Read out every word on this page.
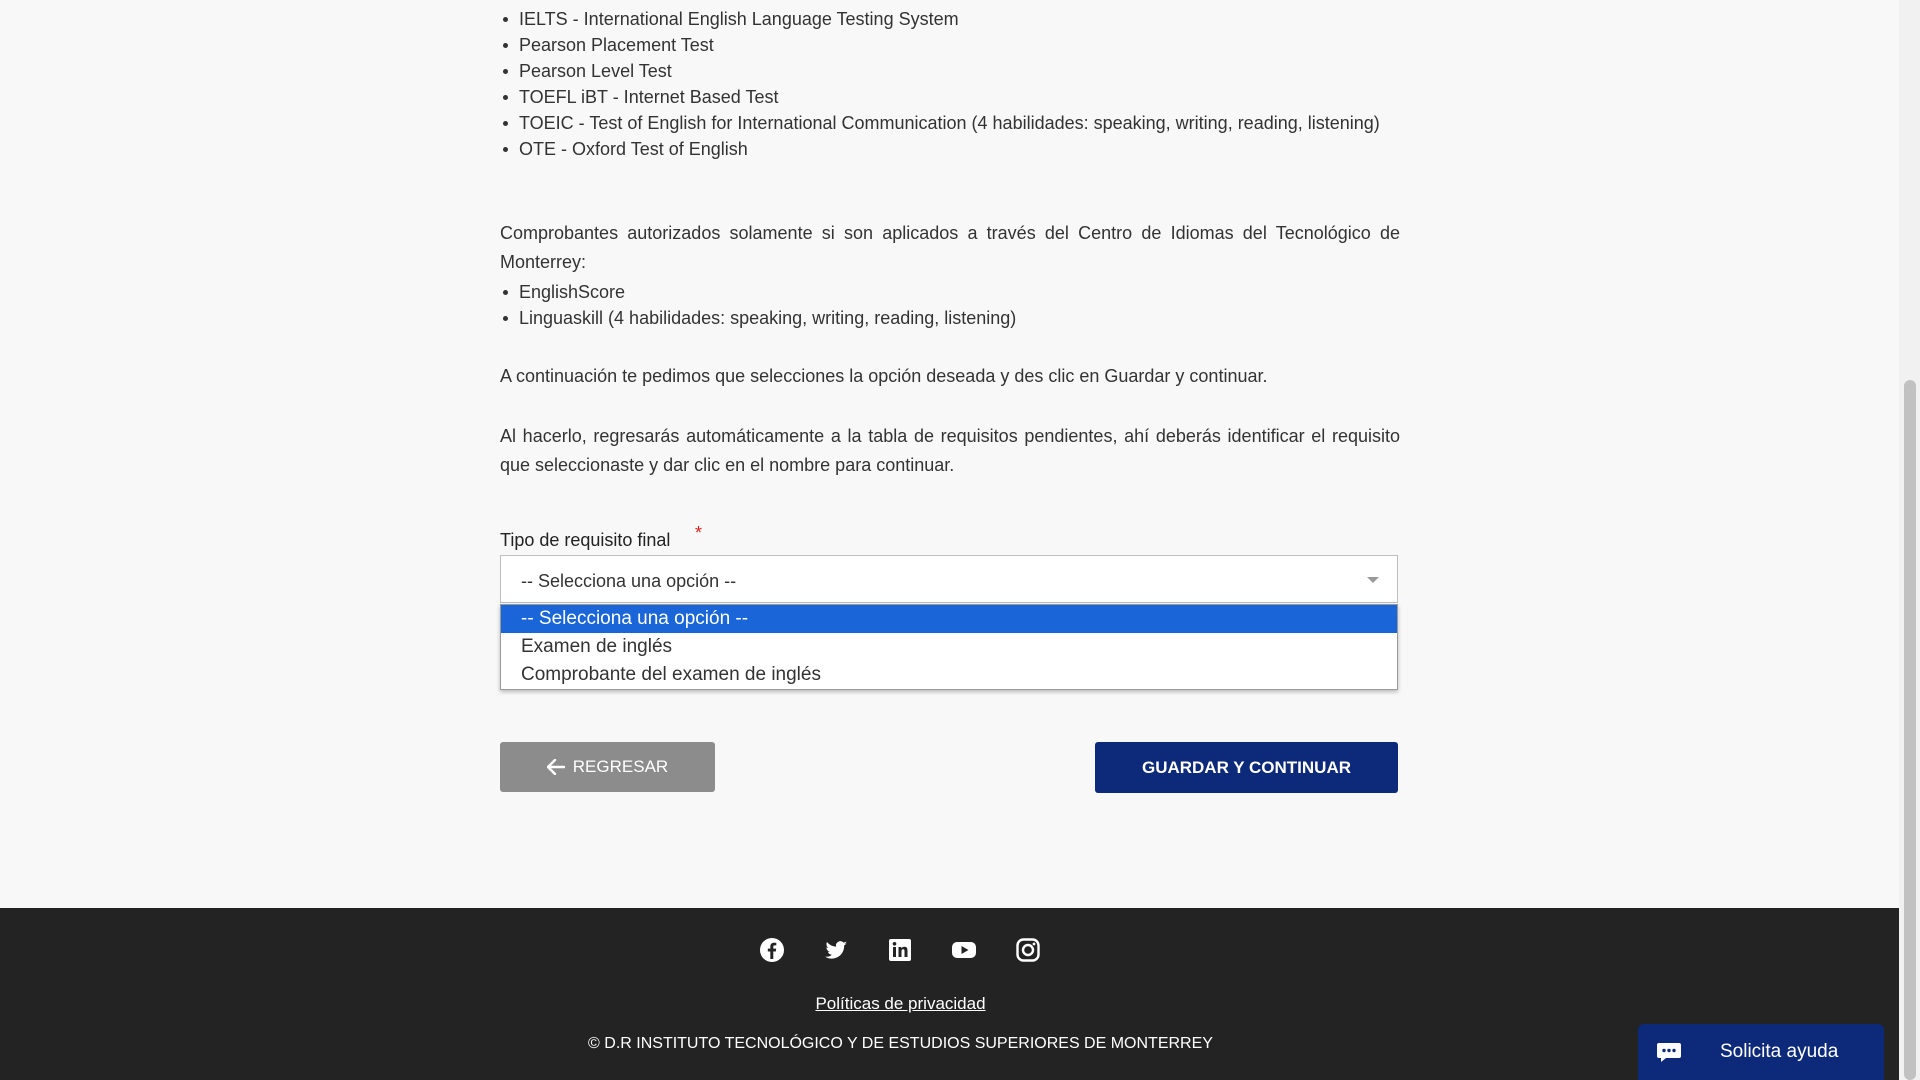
IELTS - International English Language Testing System
Pearson Placement Test
Pearson Level Test
TOEFL iBT - Internet Based Test
TOEIC - Test of English for International Communication (4 habilidades: speaking, writing, reading, listening)
OTE - Oxford Test of English

Comprobantes autorizados solamente si son aplicados a través del Centro de Idiomas del Tecnológico de Monterrey:

EnglishScore
Linguaskill (4 habilidades: speaking, writing, reading, listening)

A continuación te pedimos que selecciones la opción deseada y des clic en Guardar y continuar.

Al hacerlo, regresarás automáticamente a la tabla de requisitos pendientes, ahí deberás identificar el requisito que seleccionaste y dar clic en el nombre para continuar.

Tipo de requisito final *
-- Selecciona una opción --
-- Selecciona una opción --
Examen de inglés
Comprobante del examen de inglés
REGRESAR	GUARDAR Y CONTINUAR
Políticas de privacidad
© D.R INSTITUTO TECNOLÓGICO Y DE ESTUDIOS SUPERIORES DE MONTERREY	Solicita ayuda
